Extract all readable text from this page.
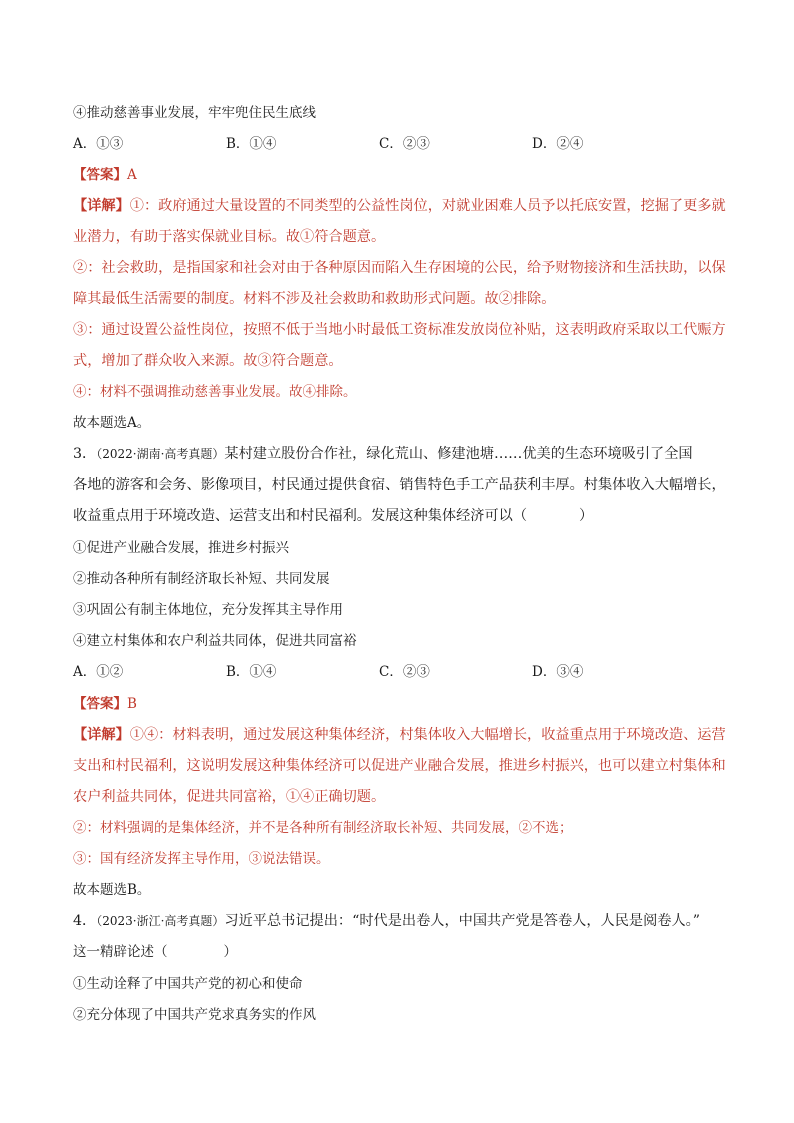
④推动慈善事业发展，牢牢兜住民生底线
A．①③	B．①④	C．②③	D．②④
【答案】A
【详解】①：政府通过大量设置的不同类型的公益性岗位，对就业困难人员予以托底安置，挖掘了更多就
业潜力，有助于落实保就业目标。故①符合题意。
②：社会救助，是指国家和社会对由于各种原因而陷入生存困境的公民，给予财物接济和生活扶助，以保
障其最低生活需要的制度。材料不涉及社会救助和救助形式问题。故②排除。
③：通过设置公益性岗位，按照不低于当地小时最低工资标准发放岗位补贴，这表明政府采取以工代赈方
式，增加了群众收入来源。故③符合题意。
④：材料不强调推动慈善事业发展。故④排除。
故本题选A。
3．（2022·湖南·高考真题）某村建立股份合作社，绿化荒山、修建池塘……优美的生态环境吸引了全国
各地的游客和会务、影像项目，村民通过提供食宿、销售特色手工产品获利丰厚。村集体收入大幅增长，
收益重点用于环境改造、运营支出和村民福利。发展这种集体经济可以（	）
①促进产业融合发展，推进乡村振兴
②推动各种所有制经济取长补短、共同发展
③巩固公有制主体地位，充分发挥其主导作用
④建立村集体和农户利益共同体，促进共同富裕
A．①②	B．①④	C．②③	D．③④
【答案】B
【详解】①④：材料表明，通过发展这种集体经济，村集体收入大幅增长，收益重点用于环境改造、运营
支出和村民福利，这说明发展这种集体经济可以促进产业融合发展，推进乡村振兴，也可以建立村集体和
农户利益共同体，促进共同富裕，①④正确切题。
②：材料强调的是集体经济，并不是各种所有制经济取长补短、共同发展，②不选；
③：国有经济发挥主导作用，③说法错误。
故本题选B。
4．（2023·浙江·高考真题）习近平总书记提出：“时代是出卷人，中国共产党是答卷人，人民是阅卷人。”
这一精辟论述（	）
①生动诠释了中国共产党的初心和使命
②充分体现了中国共产党求真务实的作风
